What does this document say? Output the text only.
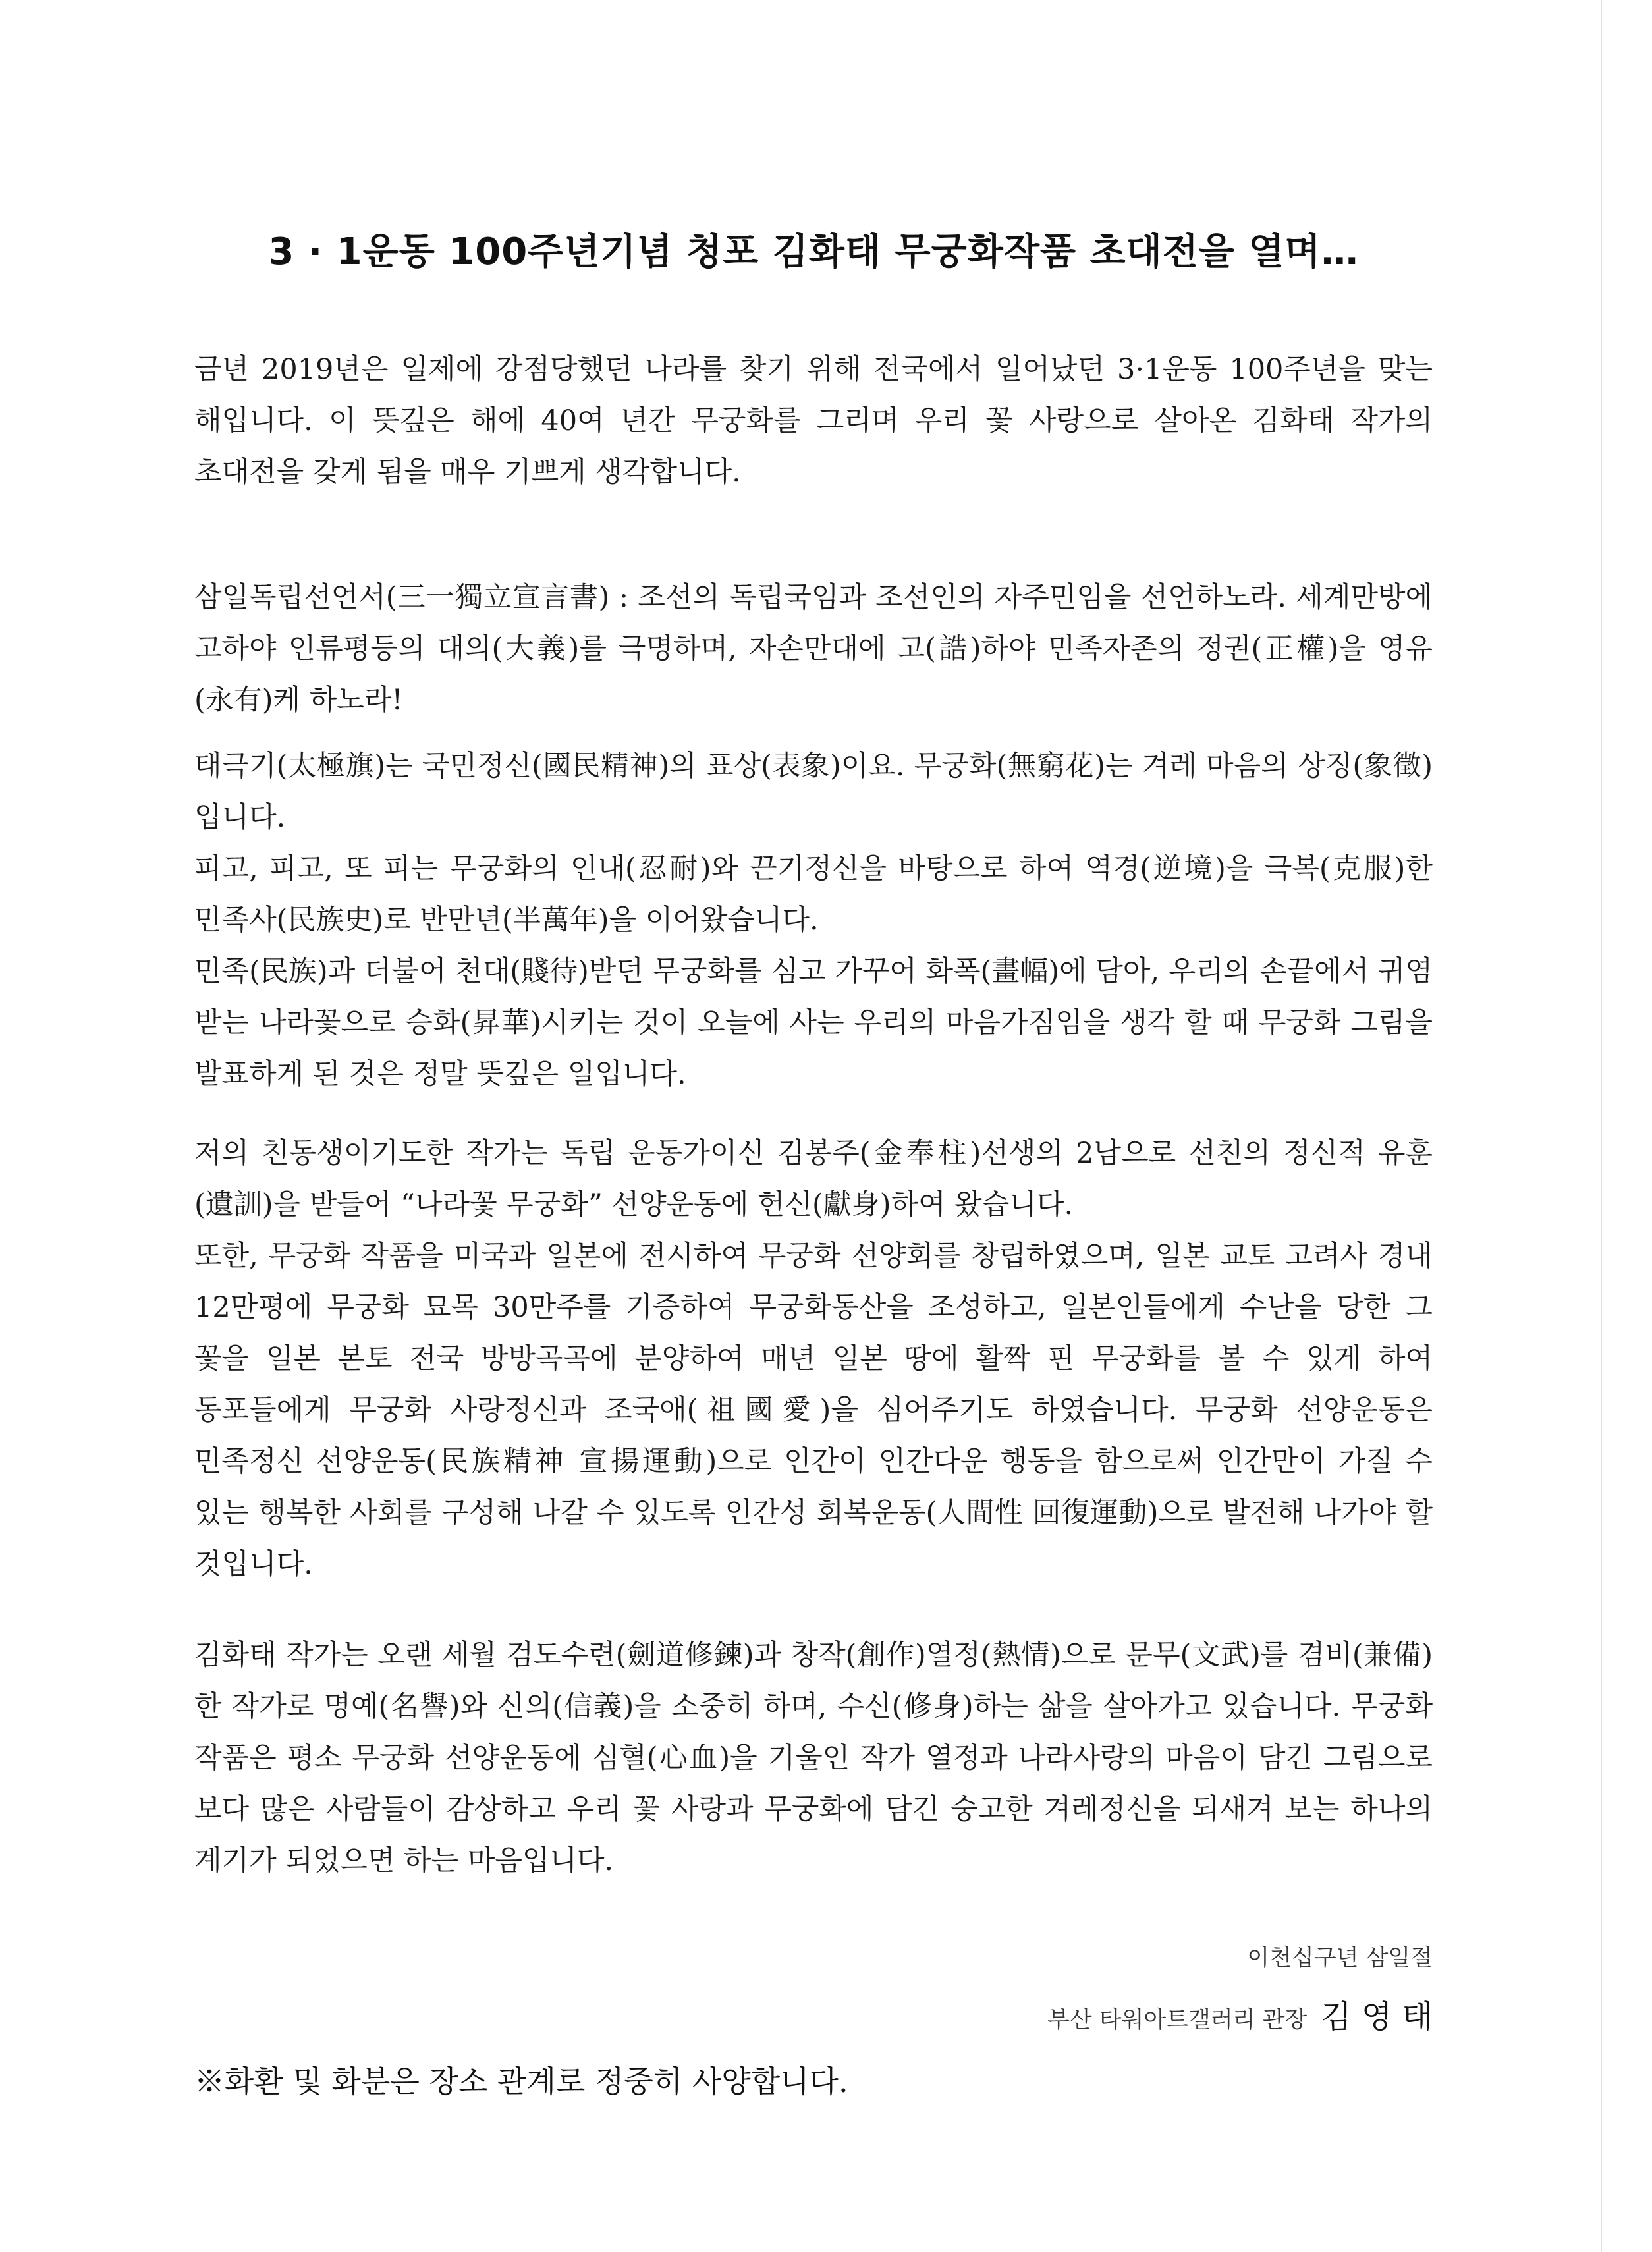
3 · 1운동 100주년기념 청포 김화태 무궁화작품 초대전을 열며…

금년 2019년은 일제에 강점당했던 나라를 찾기 위해 전국에서 일어났던 3·1운동 100주년을 맞는 해입니다. 이 뜻깊은 해에 40여 년간 무궁화를 그리며 우리 꽃 사랑으로 살아온 김화태 작가의 초대전을 갖게 됨을 매우 기쁘게 생각합니다.

삼일독립선언서(三一獨立宣言書) : 조선의 독립국임과 조선인의 자주민임을 선언하노라. 세계만방에 고하야 인류평등의 대의(大義)를 극명하며, 자손만대에 고(誥)하야 민족자존의 정권(正權)을 영유(永有)케 하노라!

태극기(太極旗)는 국민정신(國民精神)의 표상(表象)이요. 무궁화(無窮花)는 겨레 마음의 상징(象徵)입니다.

피고, 피고, 또 피는 무궁화의 인내(忍耐)와 끈기정신을 바탕으로 하여 역경(逆境)을 극복(克服)한 민족사(民族史)로 반만년(半萬年)을 이어왔습니다.

민족(民族)과 더불어 천대(賤待)받던 무궁화를 심고 가꾸어 화폭(畫幅)에 담아, 우리의 손끝에서 귀염 받는 나라꽃으로 승화(昇華)시키는 것이 오늘에 사는 우리의 마음가짐임을 생각 할 때 무궁화 그림을 발표하게 된 것은 정말 뜻깊은 일입니다.

저의 친동생이기도한 작가는 독립 운동가이신 김봉주(金奉柱)선생의 2남으로 선친의 정신적 유훈(遺訓)을 받들어 “나라꽃 무궁화” 선양운동에 헌신(獻身)하여 왔습니다.

또한, 무궁화 작품을 미국과 일본에 전시하여 무궁화 선양회를 창립하였으며, 일본 교토 고려사 경내 12만평에 무궁화 묘목 30만주를 기증하여 무궁화동산을 조성하고, 일본인들에게 수난을 당한 그 꽃을 일본 본토 전국 방방곡곡에 분양하여 매년 일본 땅에 활짝 핀 무궁화를 볼 수 있게 하여 동포들에게 무궁화 사랑정신과 조국애(祖國愛)을 심어주기도 하였습니다. 무궁화 선양운동은 민족정신 선양운동(民族精神 宣揚運動)으로 인간이 인간다운 행동을 함으로써 인간만이 가질 수 있는 행복한 사회를 구성해 나갈 수 있도록 인간성 회복운동(人間性 回復運動)으로 발전해 나가야 할 것입니다.

김화태 작가는 오랜 세월 검도수련(劍道修鍊)과 창작(創作)열정(熱情)으로 문무(文武)를 겸비(兼備)한 작가로 명예(名譽)와 신의(信義)을 소중히 하며, 수신(修身)하는 삶을 살아가고 있습니다. 무궁화 작품은 평소 무궁화 선양운동에 심혈(心血)을 기울인 작가 열정과 나라사랑의 마음이 담긴 그림으로 보다 많은 사람들이 감상하고 우리 꽃 사랑과 무궁화에 담긴 숭고한 겨레정신을 되새겨 보는 하나의 계기가 되었으면 하는 마음입니다.

이천십구년 삼일절
부산 타워아트갤러리 관장 김 영 태

※화환 및 화분은 장소 관계로 정중히 사양합니다.
